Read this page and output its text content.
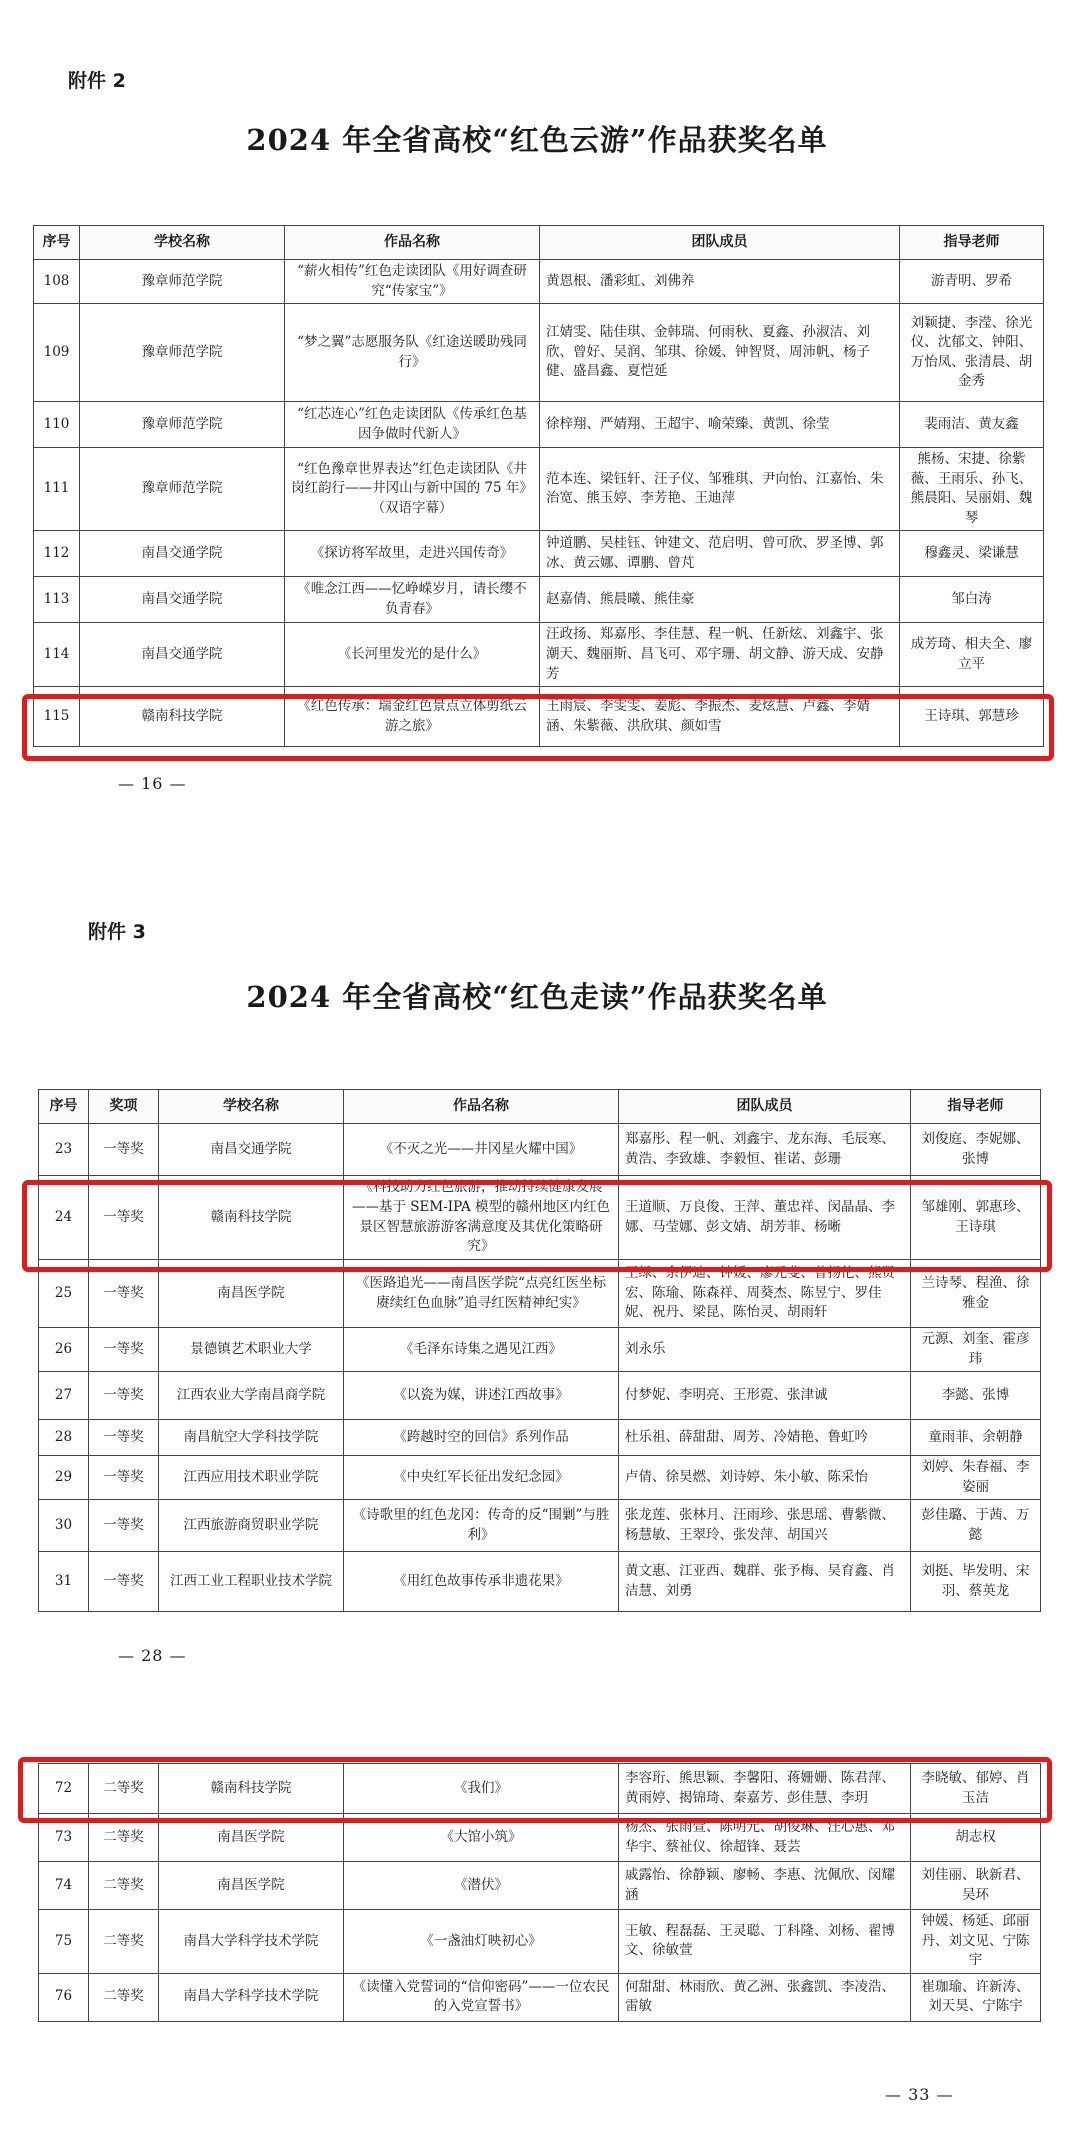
附件 2
2024 年全省高校“红色云游”作品获奖名单
序号	学校名称	作品名称	团队成员	指导老师
108	豫章师范学院	“薪火相传”红色走读团队《用好调查研究“传家宝”》	黄恩根、潘彩虹、刘佛养	游青明、罗希
109	豫章师范学院	“梦之翼”志愿服务队《红途送暖助残同行》	江婧雯、陆佳琪、金韩瑞、何雨秋、夏鑫、孙淑洁、刘欣、曾好、吴润、邹琪、徐媛、钟智贤、周沛帆、杨子健、盛昌鑫、夏恺延	刘颖捷、李滢、徐光仪、沈郁文、钟阳、万怡凤、张清晨、胡金秀
110	豫章师范学院	“红芯连心”红色走读团队《传承红色基因争做时代新人》	徐梓翔、严婧翔、王超宇、喻荣臻、黄凯、徐莹	裴雨洁、黄友鑫
111	豫章师范学院	“红色豫章世界表达”红色走读团队《井岗红韵行——井冈山与新中国的 75 年》（双语字幕）	范本连、梁钰轩、汪子仪、邹雅琪、尹向怡、江嘉怡、朱治宽、熊玉婷、李芳艳、王迪萍	熊杨、宋捷、徐紫薇、王雨乐、孙飞、熊晨阳、吴丽娟、魏琴
112	南昌交通学院	《探访将军故里，走进兴国传奇》	钟道鹏、吴桂钰、钟建文、范启明、曾可欣、罗圣博、郭冰、黄云娜、谭鹏、曾芃	穆鑫灵、梁谦慧
113	南昌交通学院	《唯念江西——忆峥嵘岁月，请长缨不负青春》	赵嘉倩、熊晨曦、熊佳豪	邹白涛
114	南昌交通学院	《长河里发光的是什么》	汪政扬、郑嘉彤、李佳慧、程一帆、任新炫、刘鑫宇、张潮天、魏丽斯、昌飞可、邓宇珊、胡文静、游天成、安静芳	成芳琦、相夫全、廖立平
115	赣南科技学院	《红色传承：瑞金红色景点立体剪纸云游之旅》	王雨宸、李雯雯、姜彪、李振杰、麦炫慧、卢鑫、李婧涵、朱紫薇、洪欣琪、颜如雪	王诗琪、郭慧珍
— 16 —
附件 3
2024 年全省高校“红色走读”作品获奖名单
序号	奖项	学校名称	作品名称	团队成员	指导老师
23	一等奖	南昌交通学院	《不灭之光——井冈星火耀中国》	郑嘉彤、程一帆、刘鑫宇、龙东海、毛辰寒、黄浩、李致雄、李毅恒、崔诺、彭珊	刘俊庭、李妮娜、张博
24	一等奖	赣南科技学院	《科技助力红色旅游，推动持续健康发展——基于 SEM-IPA 模型的赣州地区内红色景区智慧旅游游客满意度及其优化策略研究》	王道顺、万良俊、王萍、董忠祥、闵晶晶、李娜、马莹娜、彭文婧、胡芳菲、杨晰	邹雄刚、郭惠珍、王诗琪
25	一等奖	南昌医学院	《医路追光——南昌医学院“点亮红医坐标 赓续红色血脉”追寻红医精神纪实》	王绿、余伊迪、钟媛、廖元斐、曾扬佗、熊贤宏、陈瑜、陈森祥、周葵杰、陈昱宁、罗佳妮、祝丹、梁昆、陈怡灵、胡雨轩	兰诗琴、程渔、徐雅金
26	一等奖	景德镇艺术职业大学	《毛泽东诗集之遇见江西》	刘永乐	元源、刘奎、霍彦玮
27	一等奖	江西农业大学南昌商学院	《以瓷为媒，讲述江西故事》	付梦妮、李明亮、王形霓、张津诚	李懿、张博
28	一等奖	南昌航空大学科技学院	《跨越时空的回信》系列作品	杜乐祖、薛甜甜、周芳、冷婧艳、鲁虹吟	童雨菲、余朝静
29	一等奖	江西应用技术职业学院	《中央红军长征出发纪念园》	卢倩、徐昊燃、刘诗婷、朱小敏、陈采怡	刘婷、朱春福、李姿丽
30	一等奖	江西旅游商贸职业学院	《诗歌里的红色龙冈：传奇的反“围剿”与胜利》	张龙莲、张林月、汪雨珍、张思瑶、曹紫微、杨慧敏、王翠玲、张发萍、胡国兴	彭佳璐、于茜、万懿
31	一等奖	江西工业工程职业技术学院	《用红色故事传承非遗花果》	黄文惠、江亚西、魏群、张予梅、吴育鑫、肖洁慧、刘勇	刘挺、毕发明、宋羽、蔡英龙
— 28 —
72	二等奖	赣南科技学院	《我们》	李容珩、熊思颖、李馨阳、蒋姗姗、陈君萍、黄雨婷、揭锦琦、秦嘉芳、彭佳慧、李玥	李晓敏、郁婷、肖玉洁
73	二等奖	南昌医学院	《大馆小筑》	杨杰、张雨萱、陈明元、胡俊琳、汪心惠、邓华宇、蔡祉仪、徐超锋、聂芸	胡志权
74	二等奖	南昌医学院	《潜伏》	戚露怡、徐静颖、廖畅、李惠、沈佩欣、闵耀涵	刘佳丽、耿新君、吴环
75	二等奖	南昌大学科学技术学院	《一盏油灯映初心》	王敏、程磊磊、王灵聪、丁科隆、刘杨、翟博文、徐敏萱	钟媛、杨延、邱丽丹、刘文见、宁陈宇
76	二等奖	南昌大学科学技术学院	《读懂入党誓词的“信仰密码”——一位农民的入党宣誓书》	何甜甜、林雨欣、黄乙洲、张鑫凯、李凌浩、雷敏	崔珈瑜、许新涛、刘天昊、宁陈宇
— 33 —
